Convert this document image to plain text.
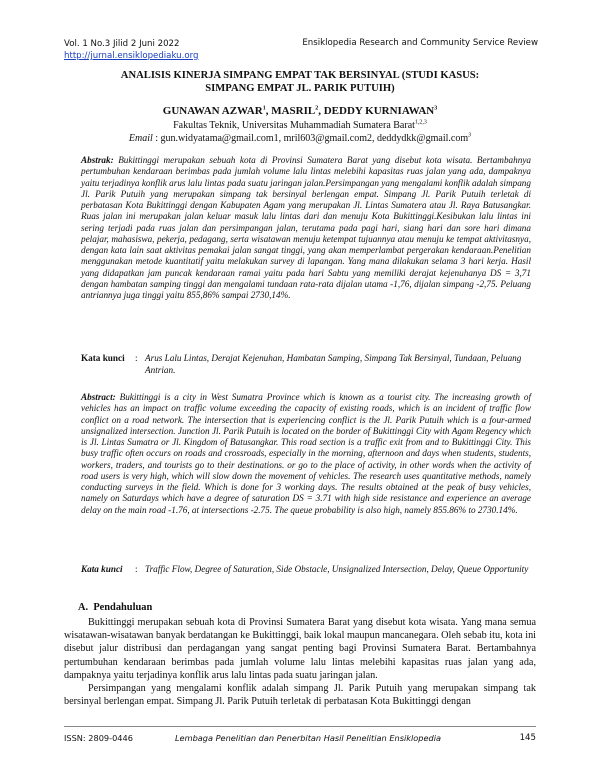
Vol. 1 No.3 Jilid 2 Juni 2022
http://jurnal.ensiklopediaku.org
Ensiklopedia Research and Community Service Review
ANALISIS KINERJA SIMPANG EMPAT TAK BERSINYAL (STUDI KASUS:
SIMPANG EMPAT JL. PARIK PUTUIH)
GUNAWAN AZWAR$^1$, MASRIL$^2$, DEDDY KURNIAWAN$^3$
Fakultas Teknik, Universitas Muhammadiah Sumatera Barat$^{1,2,3}$
Email : gun.widyatama@gmail.com1, mril603@gmail.com2, deddydkk@gmail.com$^3$
Abstrak: Bukittinggi merupakan sebuah kota di Provinsi Sumatera Barat yang disebut kota wisata. Bertambahnya pertumbuhan kendaraan berimbas pada jumlah volume lalu lintas melebihi kapasitas ruas jalan yang ada, dampaknya yaitu terjadinya konflik arus lalu lintas pada suatu jaringan jalan.Persimpangan yang mengalami konflik adalah simpang Jl. Parik Putuih yang merupakan simpang tak bersinyal berlengan empat. Simpang Jl. Parik Putuih terletak di perbatasan Kota Bukittinggi dengan Kabupaten Agam yang merupakan Jl. Lintas Sumatera atau Jl. Raya Batusangkar. Ruas jalan ini merupakan jalan keluar masuk lalu lintas dari dan menuju Kota Bukittinggi.Kesibukan lalu lintas ini sering terjadi pada ruas jalan dan persimpangan jalan, terutama pada pagi hari, siang hari dan sore hari dimana pelajar, mahasiswa, pekerja, pedagang, serta wisatawan menuju ketempat tujuannya atau menuju ke tempat aktivitasnya, dengan kata lain saat aktivitas pemakai jalan sangat tinggi, yang akan memperlambat pergerakan kendaraan.Penelitian menggunakan metode kuantitatif yaitu melakukan survey di lapangan. Yang mana dilakukan selama 3 hari kerja. Hasil yang didapatkan jam puncak kendaraan ramai yaitu pada hari Sabtu yang memiliki derajat kejenuhanya DS = 3,71 dengan hambatan samping tinggi dan mengalami tundaan rata-rata dijalan utama -1,76, dijalan simpang -2,75. Peluang antriannya juga tinggi yaitu 855,86% sampai 2730,14%.
Kata kunci	: Arus Lalu Lintas, Derajat Kejenuhan, Hambatan Samping, Simpang Tak Bersinyal, Tundaan, Peluang Antrian.
Abstract: Bukittinggi is a city in West Sumatra Province which is known as a tourist city. The increasing growth of vehicles has an impact on traffic volume exceeding the capacity of existing roads, which is an incident of traffic flow conflict on a road network. The intersection that is experiencing conflict is the Jl. Parik Putuih which is a four-armed unsignalized intersection. Junction Jl. Parik Putuih is located on the border of Bukittinggi City with Agam Regency which is Jl. Lintas Sumatra or Jl. Kingdom of Batusangkar. This road section is a traffic exit from and to Bukittinggi City. This busy traffic often occurs on roads and crossroads, especially in the morning, afternoon and days when students, students, workers, traders, and tourists go to their destinations. or go to the place of activity, in other words when the activity of road users is very high, which will slow down the movement of vehicles. The research uses quantitative methods, namely conducting surveys in the field. Which is done for 3 working days. The results obtained at the peak of busy vehicles, namely on Saturdays which have a degree of saturation DS = 3.71 with high side resistance and experience an average delay on the main road -1.76, at intersections -2.75. The queue probability is also high, namely 855.86% to 2730.14%.
Kata kunci	: Traffic Flow, Degree of Saturation, Side Obstacle, Unsignalized Intersection, Delay, Queue Opportunity
A. Pendahuluan

Bukittinggi merupakan sebuah kota di Provinsi Sumatera Barat yang disebut kota wisata. Yang mana semua wisatawan-wisatawan banyak berdatangan ke Bukittinggi, baik lokal maupun mancanegara. Oleh sebab itu, kota ini disebut jalur distribusi dan perdagangan yang sangat penting bagi Provinsi Sumatera Barat. Bertambahnya pertumbuhan kendaraan berimbas pada jumlah volume lalu lintas melebihi kapasitas ruas jalan yang ada, dampaknya yaitu terjadinya konflik arus lalu lintas pada suatu jaringan jalan.

Persimpangan yang mengalami konflik adalah simpang Jl. Parik Putuih yang merupakan simpang tak bersinyal berlengan empat. Simpang Jl. Parik Putuih terletak di perbatasan Kota Bukittinggi dengan

ISSN: 2809-0446	Lembaga Penelitian dan Penerbitan Hasil Penelitian Ensiklopedia	145
